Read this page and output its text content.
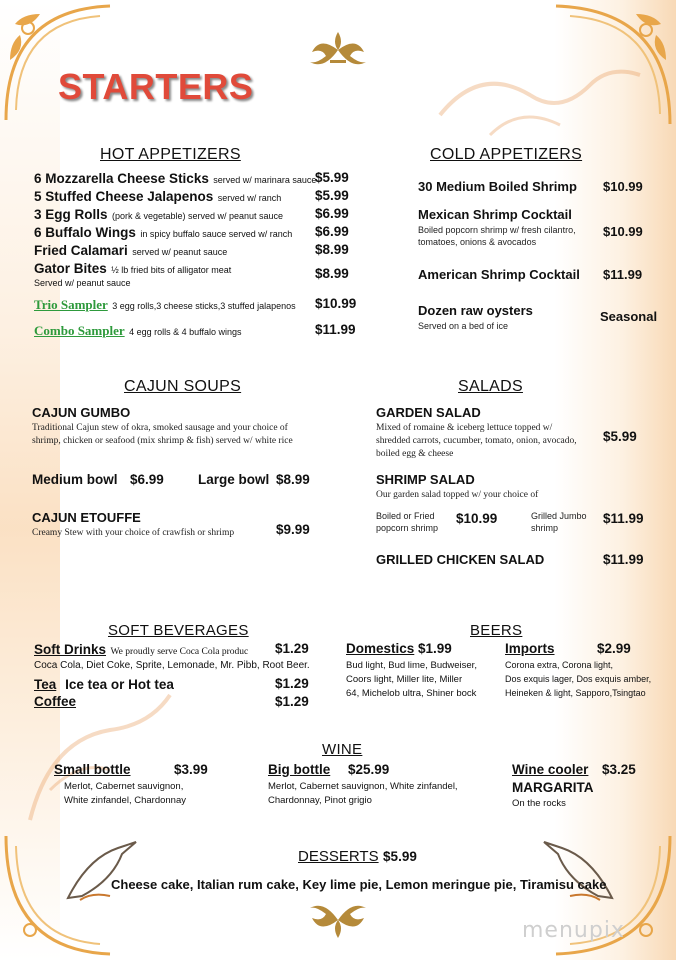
STARTERS
HOT APPETIZERS
6 Mozzarella Cheese Sticks served w/ marinara sauce
$5.99
5 Stuffed Cheese Jalapenos served w/ ranch $5.99
3 Egg Rolls (pork & vegetable) served w/ peanut sauce $6.99
6 Buffalo Wings in spicy buffalo sauce served w/ ranch $6.99
Fried Calamari served w/ peanut sauce	$8.99
Gator Bites ½ lb fried bits of alligator meat
Served w/ peanut sauce
$8.99
Trio Sampler 3 egg rolls,3 cheese sticks,3 stuffed jalapenos $10.99
Combo Sampler 4 egg rolls & 4 buffalo wings	$11.99
COLD APPETIZERS
30 Medium Boiled Shrimp $10.99
Mexican Shrimp Cocktail
Boiled popcorn shrimp w/ fresh cilantro,
tomatoes, onions & avocados
$10.99
American Shrimp Cocktail $11.99
Dozen raw oysters
Served on a bed of ice
Seasonal
CAJUN SOUPS
CAJUN GUMBO
Traditional Cajun stew of okra, smoked sausage and your choice of
shrimp, chicken or seafood (mix shrimp & fish) served w/ white rice
Medium bowl $6.99	Large bowl $8.99
CAJUN ETOUFFE
Creamy Stew with your choice of crawfish or shrimp	$9.99
SALADS
GARDEN SALAD
Mixed of romaine & iceberg lettuce topped w/
shredded carrots, cucumber, tomato, onion, avocado,
boiled egg & cheese
$5.99
SHRIMP SALAD
Our garden salad topped w/ your choice of
Boiled or Fried
popcorn shrimp
$10.99	Grilled Jumbo
shrimp
$11.99
GRILLED CHICKEN SALAD	$11.99
SOFT BEVERAGES
Soft Drinks We proudly serve Coca Cola produc $1.29
Coca Cola, Diet Coke, Sprite, Lemonade, Mr. Pibb, Root Beer.
Tea Ice tea or Hot tea	$1.29
Coffee	$1.29
BEERS
Domestics $1.99
Bud light, Bud lime, Budweiser,
Coors light, Miller lite, Miller
64, Michelob ultra, Shiner bock
Imports	$2.99
Corona extra, Corona light,
Dos exquis lager, Dos exquis amber,
Heineken & light, Sapporo,Tsingtao
WINE
Small bottle	$3.99
Merlot, Cabernet sauvignon,
White zinfandel, Chardonnay
Big bottle $25.99
Merlot, Cabernet sauvignon, White zinfandel,
Chardonnay, Pinot grigio
Wine cooler $3.25
MARGARITA
On the rocks
DESSERTS $5.99
Cheese cake, Italian rum cake, Key lime pie, Lemon meringue pie, Tiramisu cake
menupix
